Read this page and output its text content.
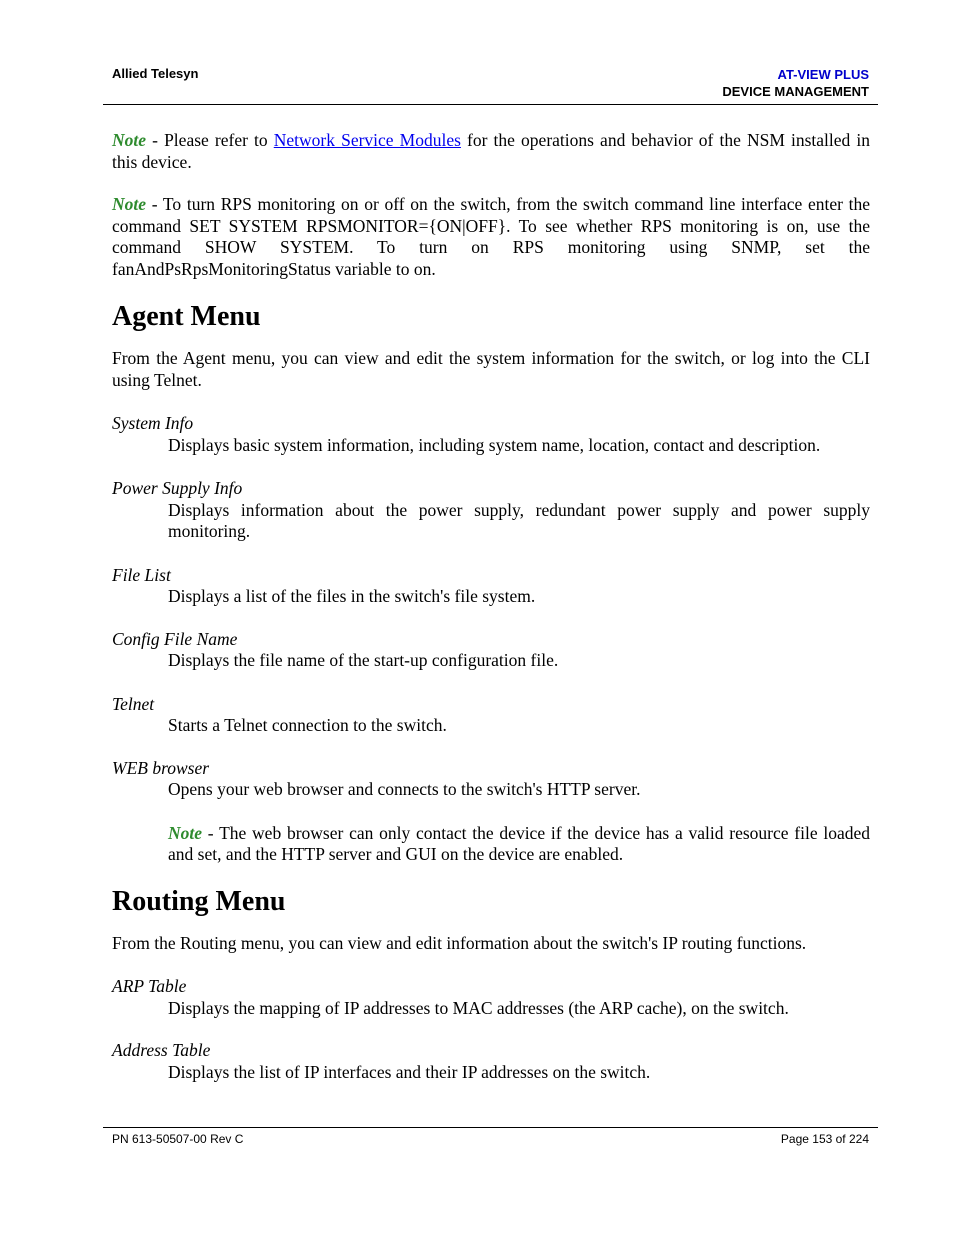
Allied Telesyn	AT-VIEW PLUS
DEVICE MANAGEMENT

Note - Please refer to Network Service Modules for the operations and behavior of the NSM installed in this device.

Note - To turn RPS monitoring on or off on the switch, from the switch command line interface enter the command SET SYSTEM RPSMONITOR={ON|OFF}. To see whether RPS monitoring is on, use the command SHOW SYSTEM. To turn on RPS monitoring using SNMP, set the fanAndPsRpsMonitoringStatus variable to on.

Agent Menu

From the Agent menu, you can view and edit the system information for the switch, or log into the CLI using Telnet.

System Info

Displays basic system information, including system name, location, contact and description.

Power Supply Info

Displays information about the power supply, redundant power supply and power supply monitoring.

File List

Displays a list of the files in the switch's file system.

Config File Name

Displays the file name of the start-up configuration file.

Telnet

Starts a Telnet connection to the switch.

WEB browser

Opens your web browser and connects to the switch's HTTP server.

Note - The web browser can only contact the device if the device has a valid resource file loaded and set, and the HTTP server and GUI on the device are enabled.

Routing Menu

From the Routing menu, you can view and edit information about the switch's IP routing functions.

ARP Table

Displays the mapping of IP addresses to MAC addresses (the ARP cache), on the switch.

Address Table

Displays the list of IP interfaces and their IP addresses on the switch.

PN 613-50507-00 Rev C	Page 153 of 224
